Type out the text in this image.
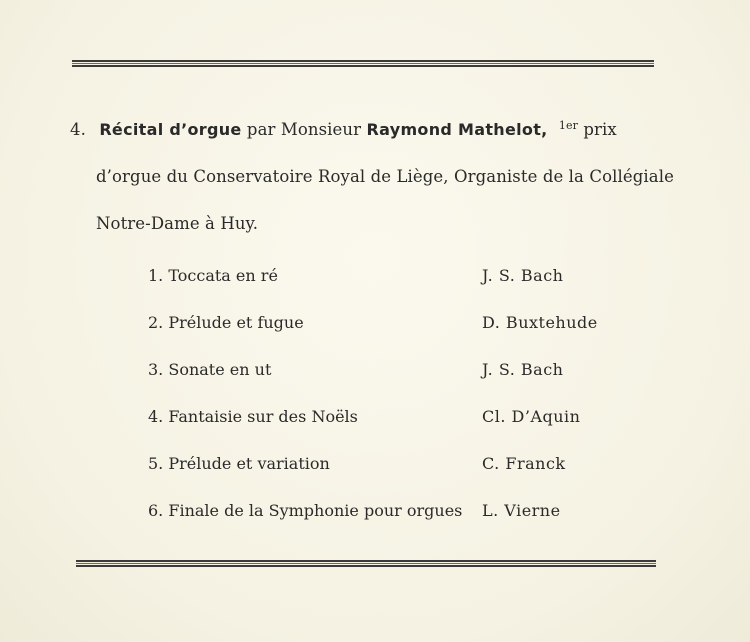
4. Récital d’orgue par Monsieur Raymond Mathelot, $^{1er}$ prix
d’orgue du Conservatoire Royal de Liège, Organiste de la Collégiale
Notre-Dame à Huy.
1. Toccata en ré	J. S. Bach
2. Prélude et fugue	D. Buxtehude
3. Sonate en ut	J. S. Bach
4. Fantaisie sur des Noëls	Cl. D’Aquin
5. Prélude et variation	C. Franck
6. Finale de la Symphonie pour orgues L. Vierne
